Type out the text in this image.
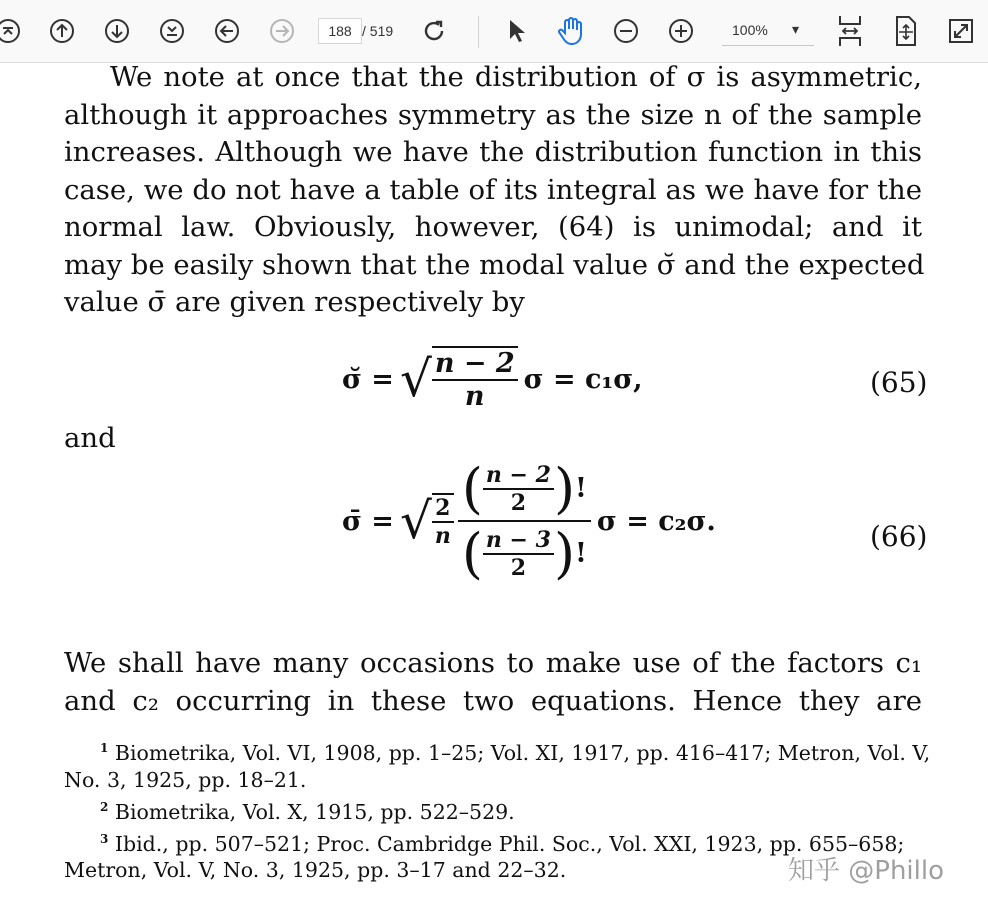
188
/ 519	100% ▾
We note at once that the distribution of σ is asymmetric,
although it approaches symmetry as the size n of the sample
increases. Although we have the distribution function in this
case, we do not have a table of its integral as we have for the
normal law. Obviously, however, (64) is unimodal; and it
may be easily shown that the modal value σ̆ and the expected
value σ̄ are given respectively by
σ̆ = √ $\frac{n - 2}{n}$ σ = c₁σ,	(65)
and
σ̄ = √ $\frac{2}{n}$
( $\frac{n - 2}{2}$ ) !
( $\frac{n - 3}{2}$ ) !
σ = c₂σ.	(66)
We shall have many occasions to make use of the factors c₁
and c₂ occurring in these two equations. Hence they are
$^1$ Biometrika, Vol. VI, 1908, pp. 1–25; Vol. XI, 1917, pp. 416–417; Metron, Vol. V,
No. 3, 1925, pp. 18–21.
$^2$ Biometrika, Vol. X, 1915, pp. 522–529.
$^3$ Ibid., pp. 507–521; Proc. Cambridge Phil. Soc., Vol. XXI, 1923, pp. 655–658;
Metron, Vol. V, No. 3, 1925, pp. 3–17 and 22–32.	知乎 @Phillo
